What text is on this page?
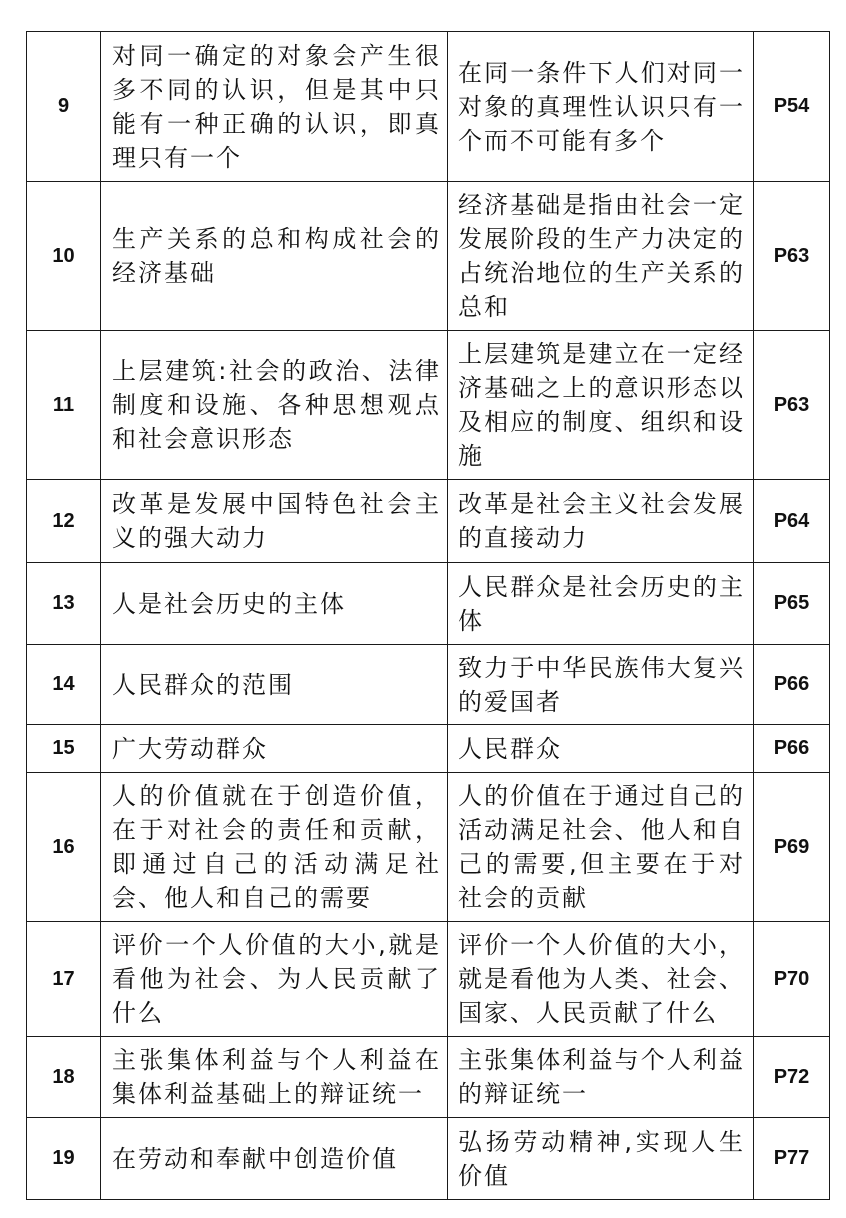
9	对同一确定的对象会产生很多不同的认识，但是其中只能有一种正确的认识，即真理只有一个	在同一条件下人们对同一对象的真理性认识只有一个而不可能有多个	P54
10	生产关系的总和构成社会的经济基础	经济基础是指由社会一定发展阶段的生产力决定的占统治地位的生产关系的总和	P63
11	上层建筑:社会的政治、法律制度和设施、各种思想观点和社会意识形态	上层建筑是建立在一定经济基础之上的意识形态以及相应的制度、组织和设施	P63
12	改革是发展中国特色社会主义的强大动力	改革是社会主义社会发展的直接动力	P64
13	人是社会历史的主体	人民群众是社会历史的主体	P65
14	人民群众的范围	致力于中华民族伟大复兴的爱国者	P66
15	广大劳动群众	人民群众	P66
16	人的价值就在于创造价值，在于对社会的责任和贡献，即通过自己的活动满足社会、他人和自己的需要	人的价值在于通过自己的活动满足社会、他人和自己的需要,但主要在于对社会的贡献	P69
17	评价一个人价值的大小,就是看他为社会、为人民贡献了什么	评价一个人价值的大小，就是看他为人类、社会、国家、人民贡献了什么	P70
18	主张集体利益与个人利益在集体利益基础上的辩证统一	主张集体利益与个人利益的辩证统一	P72
19	在劳动和奉献中创造价值	弘扬劳动精神,实现人生价值	P77
